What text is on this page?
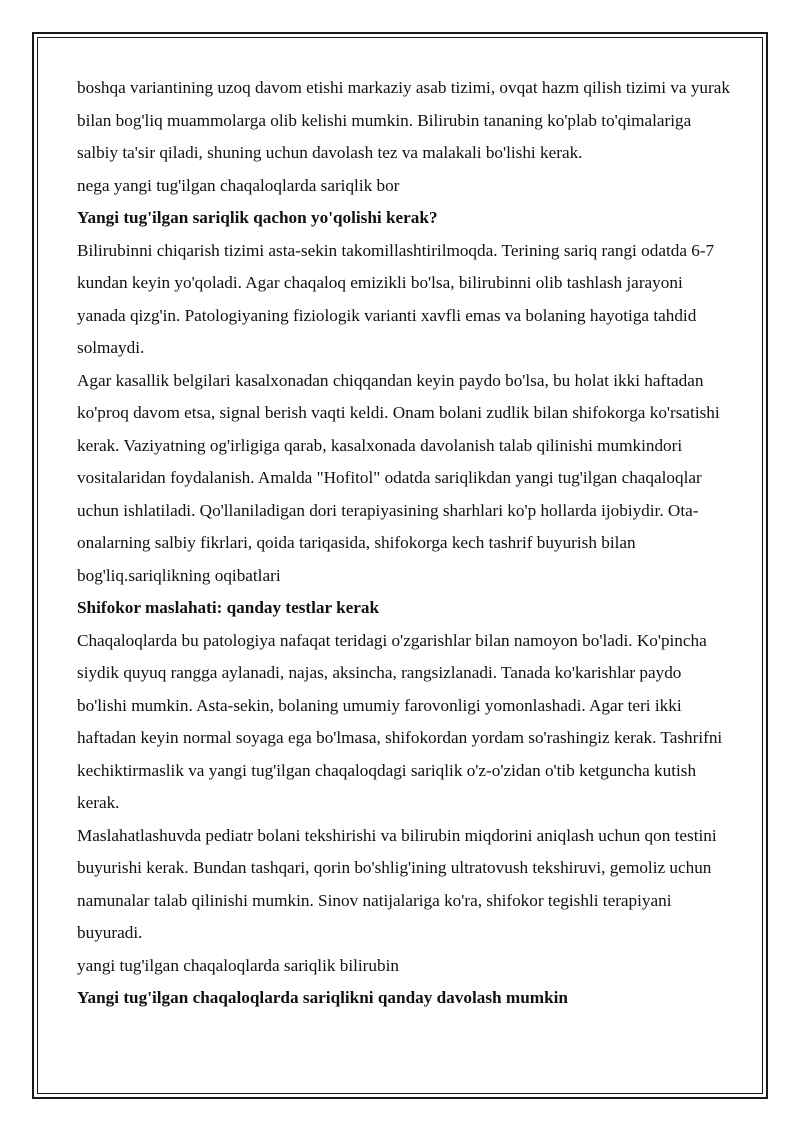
boshqa variantining uzoq davom etishi markaziy asab tizimi, ovqat hazm qilish tizimi va yurak bilan bog'liq muammolarga olib kelishi mumkin. Bilirubin tananing ko'plab to'qimalariga salbiy ta'sir qiladi, shuning uchun davolash tez va malakali bo'lishi kerak.

nega yangi tug'ilgan chaqaloqlarda sariqlik bor

Yangi tug'ilgan sariqlik qachon yo'qolishi kerak?

Bilirubinni chiqarish tizimi asta-sekin takomillashtirilmoqda. Terining sariq rangi odatda 6-7 kundan keyin yo'qoladi. Agar chaqaloq emizikli bo'lsa, bilirubinni olib tashlash jarayoni yanada qizg'in. Patologiyaning fiziologik varianti xavfli emas va bolaning hayotiga tahdid solmaydi.

Agar kasallik belgilari kasalxonadan chiqqandan keyin paydo bo'lsa, bu holat ikki haftadan ko'proq davom etsa, signal berish vaqti keldi. Onam bolani zudlik bilan shifokorga ko'rsatishi kerak. Vaziyatning og'irligiga qarab, kasalxonada davolanish talab qilinishi mumkindori vositalaridan foydalanish. Amalda "Hofitol" odatda sariqlikdan yangi tug'ilgan chaqaloqlar uchun ishlatiladi. Qo'llaniladigan dori terapiyasining sharhlari ko'p hollarda ijobiydir. Ota-onalarning salbiy fikrlari, qoida tariqasida, shifokorga kech tashrif buyurish bilan bog'liq.sariqlikning oqibatlari

Shifokor maslahati: qanday testlar kerak

Chaqaloqlarda bu patologiya nafaqat teridagi o'zgarishlar bilan namoyon bo'ladi. Ko'pincha siydik quyuq rangga aylanadi, najas, aksincha, rangsizlanadi. Tanada ko'karishlar paydo bo'lishi mumkin. Asta-sekin, bolaning umumiy farovonligi yomonlashadi. Agar teri ikki haftadan keyin normal soyaga ega bo'lmasa, shifokordan yordam so'rashingiz kerak. Tashrifni kechiktirmaslik va yangi tug'ilgan chaqaloqdagi sariqlik o'z-o'zidan o'tib ketguncha kutish kerak.

Maslahatlashuvda pediatr bolani tekshirishi va bilirubin miqdorini aniqlash uchun qon testini buyurishi kerak. Bundan tashqari, qorin bo'shlig'ining ultratovush tekshiruvi, gemoliz uchun namunalar talab qilinishi mumkin. Sinov natijalariga ko'ra, shifokor tegishli terapiyani buyuradi.

yangi tug'ilgan chaqaloqlarda sariqlik bilirubin

Yangi tug'ilgan chaqaloqlarda sariqlikni qanday davolash mumkin
